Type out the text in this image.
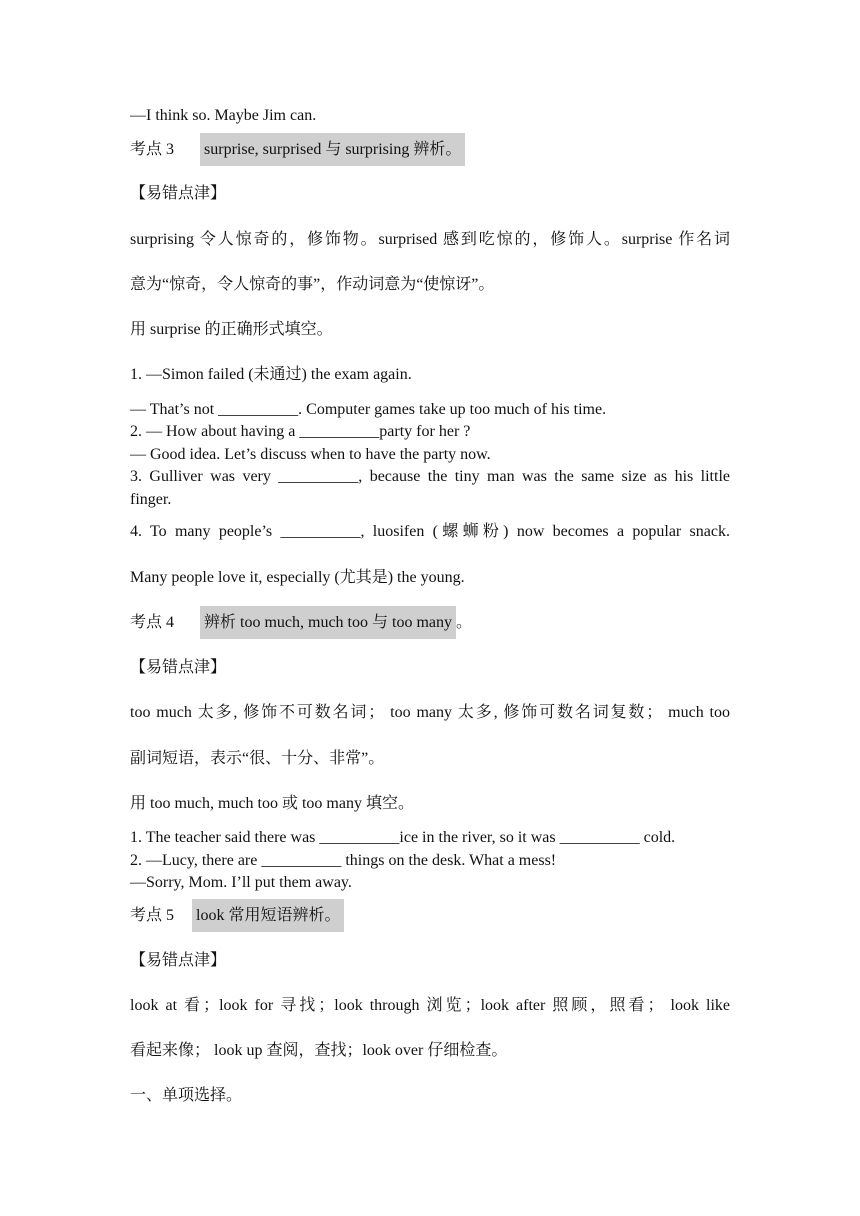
—I think so. Maybe Jim can.
考点 3 surprise, surprised 与 surprising 辨析。
【易错点津】
surprising 令人惊奇的，修饰物。surprised 感到吃惊的，修饰人。surprise 作名词
意为“惊奇，令人惊奇的事”，作动词意为“使惊讶”。
用 surprise 的正确形式填空。
1. —Simon failed (未通过) the exam again.
— That’s not __________. Computer games take up too much of his time.
2. — How about having a __________party for her ?
— Good idea. Let’s discuss when to have the party now.
3. Gulliver was very __________, because the tiny man was the same size as his little
finger.
4. To many people’s __________, luosifen (螺蛳粉) now becomes a popular snack.
Many people love it, especially (尤其是) the young.
考点 4 辨析 too much, much too 与 too many 。
【易错点津】
too much 太多, 修饰不可数名词； too many 太多, 修饰可数名词复数； much too
副词短语，表示“很、十分、非常”。
用 too much, much too 或 too many 填空。
1. The teacher said there was __________ice in the river, so it was __________ cold.
2. —Lucy, there are __________ things on the desk. What a mess!
—Sorry, Mom. I’ll put them away.
考点 5 look 常用短语辨析。
【易错点津】
look at 看；look for 寻找；look through 浏览；look after 照顾，照看； look like
看起来像； look up 查阅，查找；look over 仔细检查。
一、单项选择。
